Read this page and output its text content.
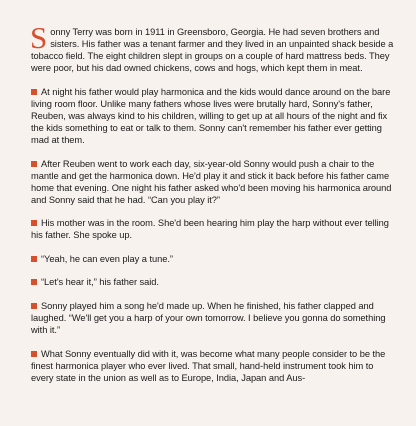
Sonny Terry was born in 1911 in Greensboro, Georgia. He had seven brothers and sisters. His father was a tenant farmer and they lived in an unpainted shack beside a tobacco field. The eight children slept in groups on a couple of hard mattress beds. They were poor, but his dad owned chickens, cows and hogs, which kept them in meat.

At night his father would play harmonica and the kids would dance around on the bare living room floor. Unlike many fathers whose lives were brutally hard, Sonny's father, Reuben, was always kind to his children, willing to get up at all hours of the night and fix the kids something to eat or talk to them. Sonny can't remember his father ever getting mad at them.

After Reuben went to work each day, six-year-old Sonny would push a chair to the mantle and get the harmonica down. He'd play it and stick it back before his father came home that evening. One night his father asked who'd been moving his harmonica around and Sonny said that he had. “Can you play it?”

His mother was in the room. She'd been hearing him play the harp without ever telling his father. She spoke up.

“Yeah, he can even play a tune.”

“Let's hear it,” his father said.

Sonny played him a song he'd made up. When he finished, his father clapped and laughed. “We'll get you a harp of your own tomorrow. I believe you gonna do something with it.”

What Sonny eventually did with it, was become what many people consider to be the finest harmonica player who ever lived. That small, hand-held instrument took him to every state in the union as well as to Europe, India, Japan and Aus-
